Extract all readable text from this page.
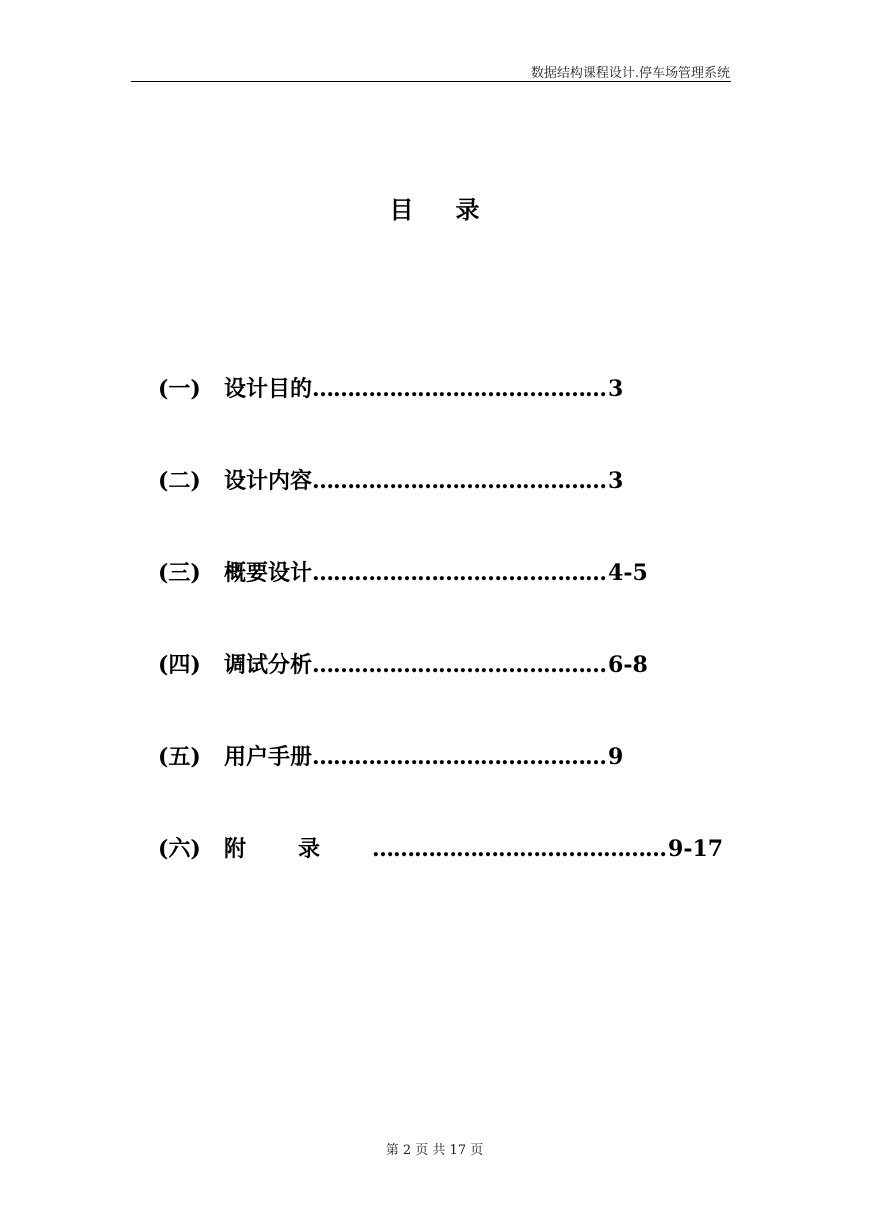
数据结构课程设计.停车场管理系统
目录
(一)	设计目的 …………………………………… 3
(二)	设计内容 …………………………………… 3
(三)	概要设计 …………………………………… 4-5
(四)	调试分析 …………………………………… 6-8
(五)	用户手册 …………………………………… 9
(六)	附录 …………………………………… 9-17
第 2 页 共 17 页
